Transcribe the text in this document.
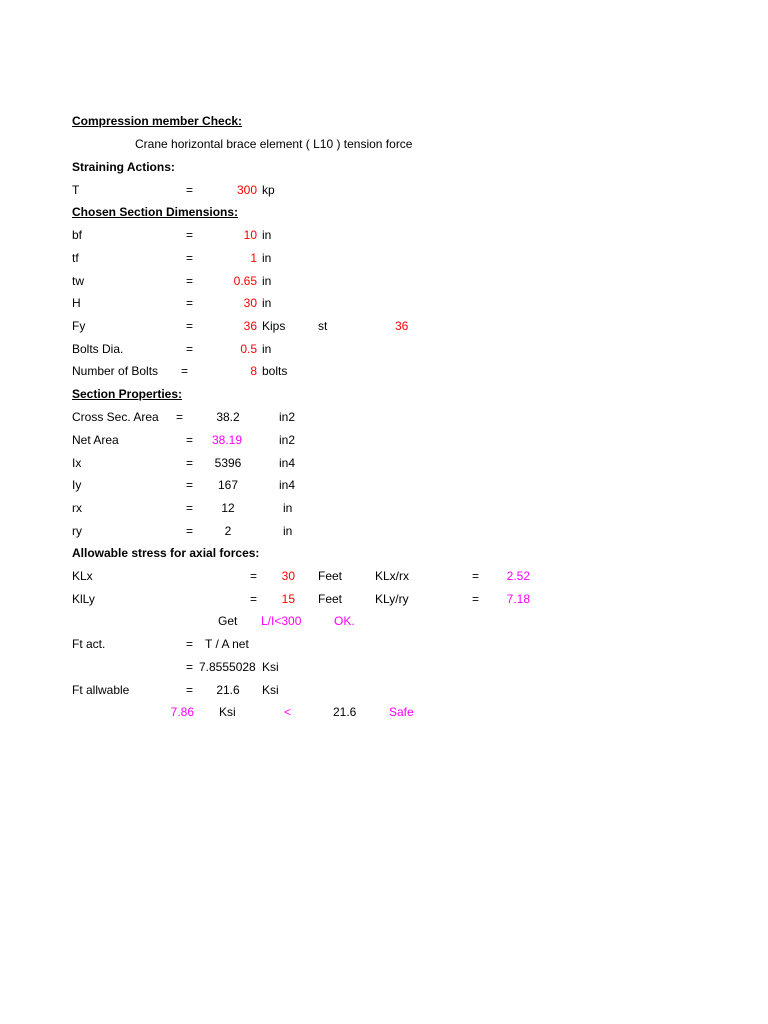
Compression member Check:
Crane horizontal brace element ( L10 ) tension force
Straining Actions:
T	=	300 kp
Chosen Section Dimensions:
bf	=	10 in
tf	=	1 in
tw	=	0.65 in
H	=	30 in
Fy	=	36 Kips	st	36
Bolts Dia.	=	0.5 in
Number of Bolts =	8 bolts
Section Properties:
Cross Sec. Area =	38.2	in2
Net Area	= 38.19	in2
Ix	=	5396	in4
Iy	=	167	in4
rx	=	12	in
ry	=	2	in
Allowable stress for axial forces:
KLx	=	30 Feet	KLx/rx	=	2.52
KlLy	=	15 Feet	KLy/ry	=	7.18
Get L/I<300	OK.
Ft act.	= T / A net
= 7.8555028 Ksi
Ft allwable	=	21.6	Ksi
7.86 Ksi	<	21.6	Safe
